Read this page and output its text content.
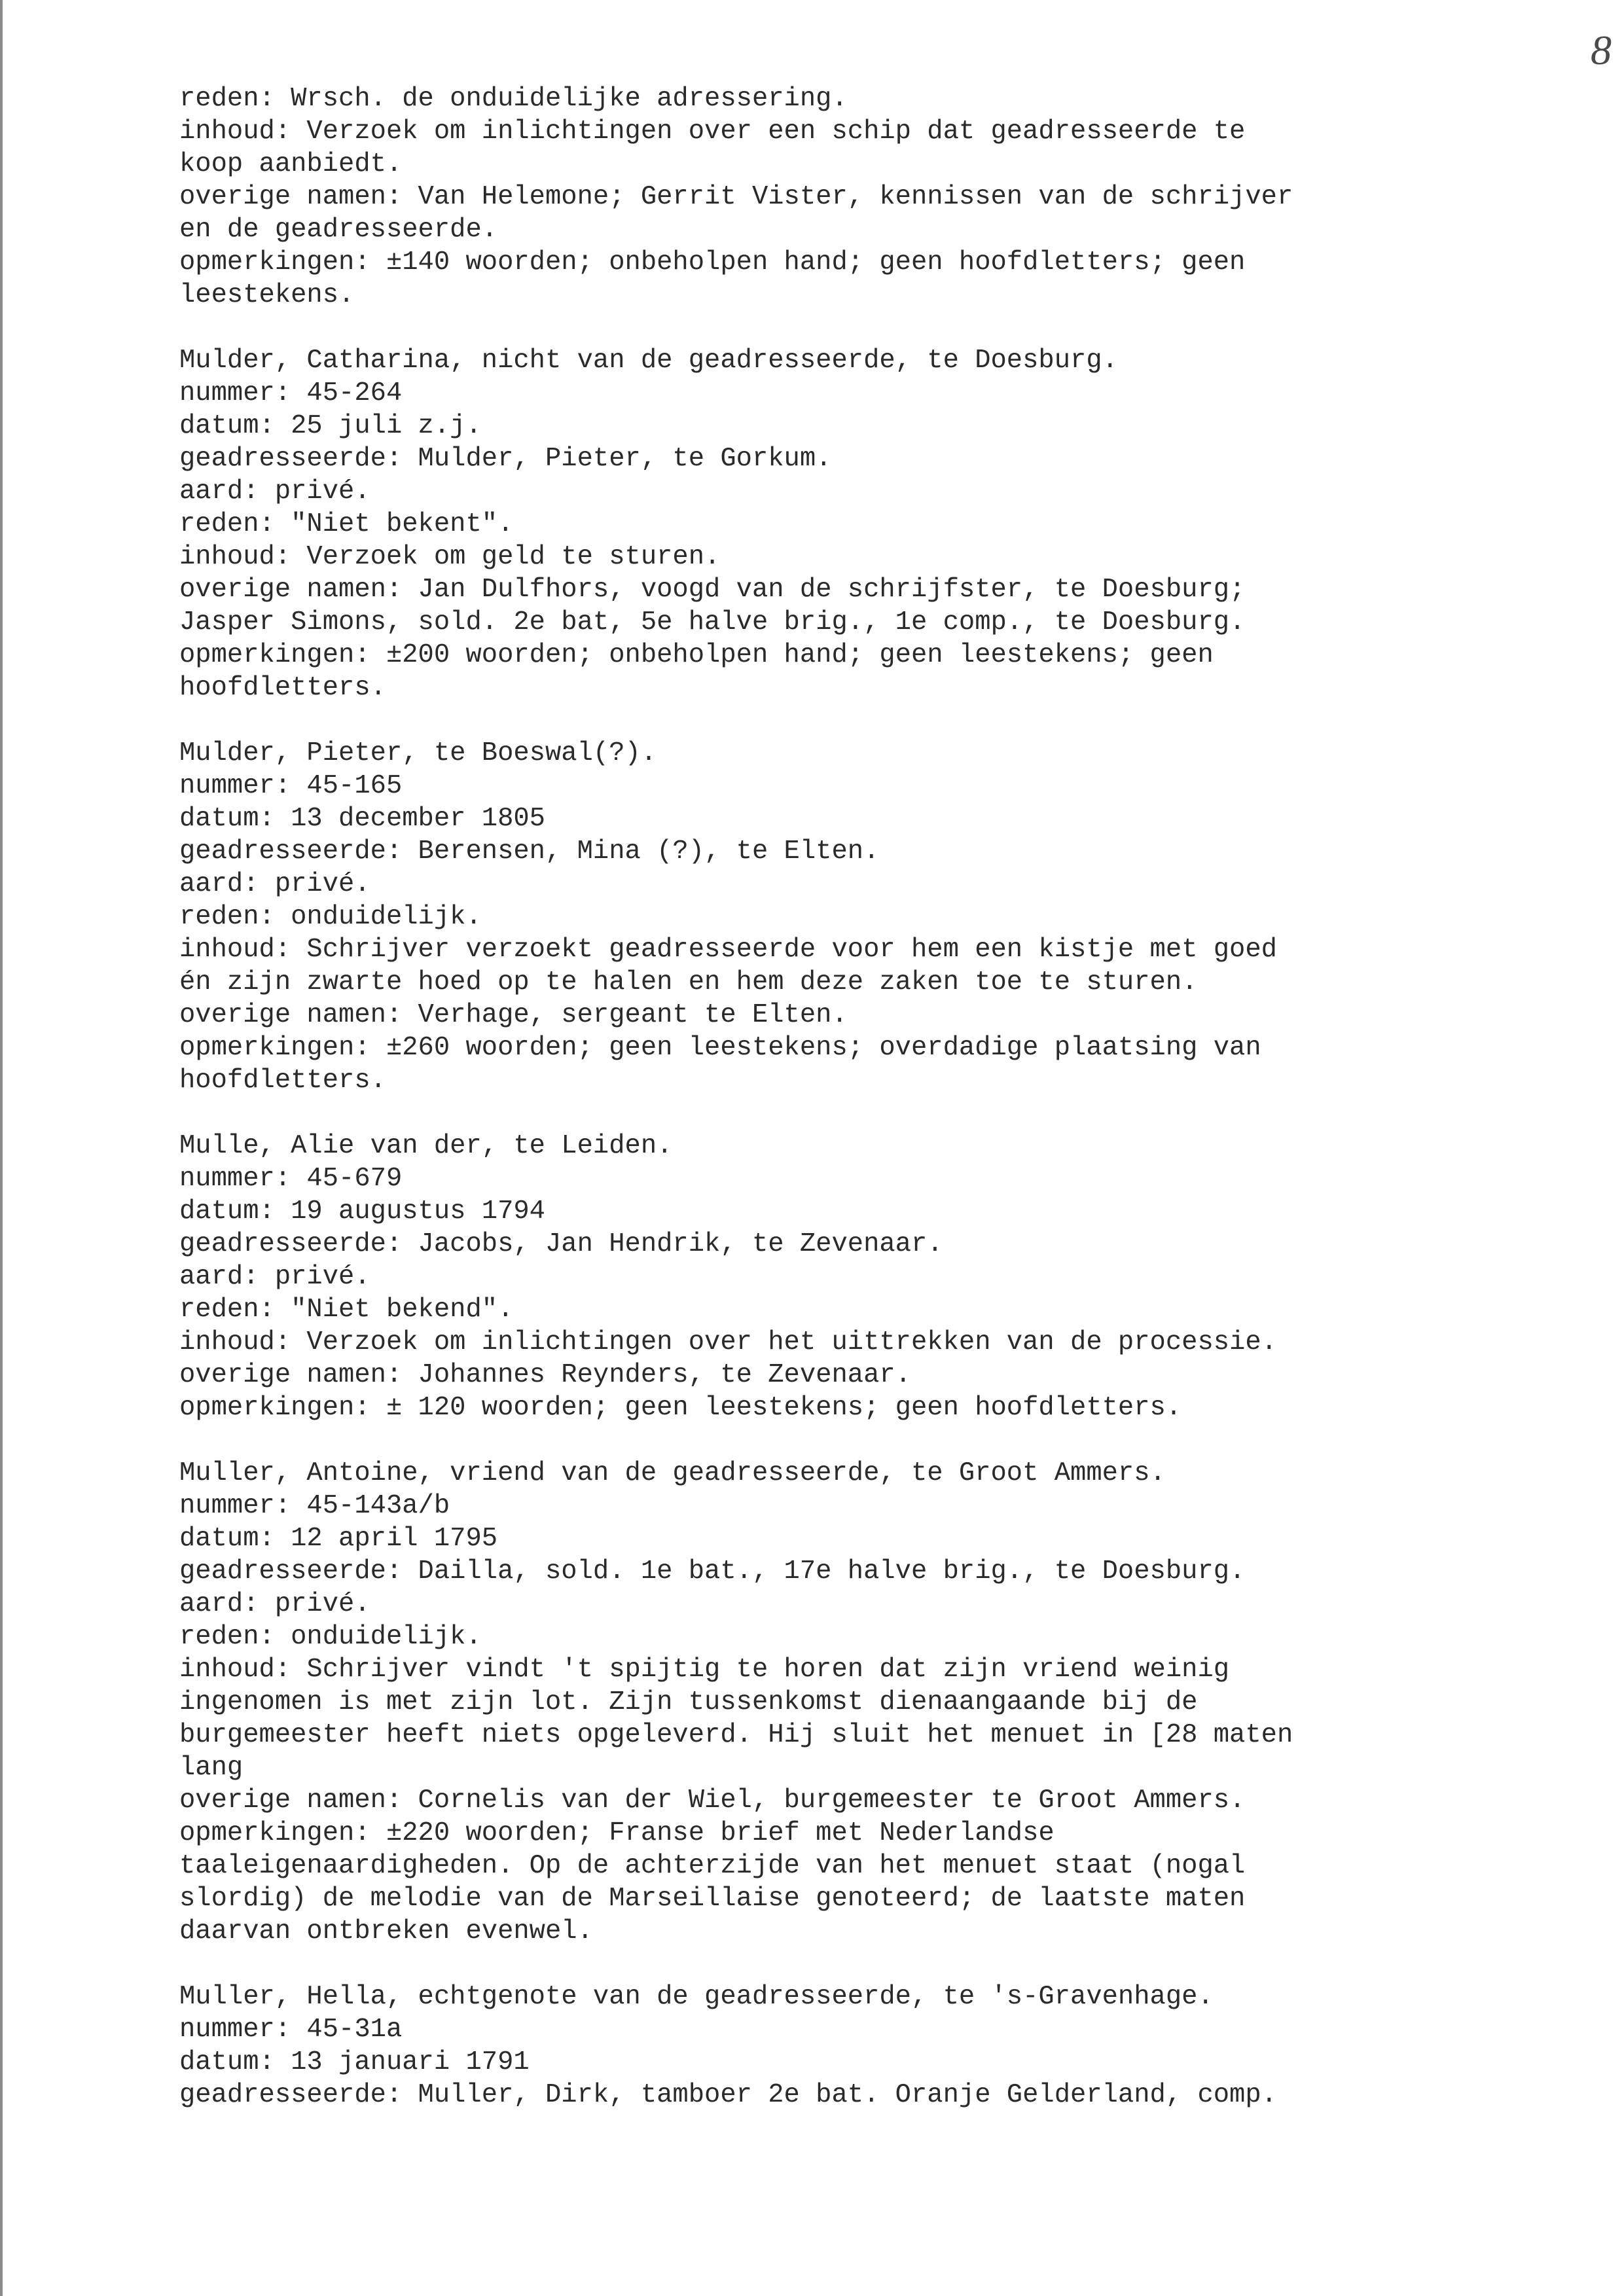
8
reden: Wrsch. de onduidelijke adressering.
inhoud: Verzoek om inlichtingen over een schip dat geadresseerde te
koop aanbiedt.
overige namen: Van Helemone; Gerrit Vister, kennissen van de schrijver
en de geadresseerde.
opmerkingen: ±140 woorden; onbeholpen hand; geen hoofdletters; geen
leestekens.
Mulder, Catharina, nicht van de geadresseerde, te Doesburg.
nummer: 45-264
datum: 25 juli z.j.
geadresseerde: Mulder, Pieter, te Gorkum.
aard: privé.
reden: "Niet bekent".
inhoud: Verzoek om geld te sturen.
overige namen: Jan Dulfhors, voogd van de schrijfster, te Doesburg;
Jasper Simons, sold. 2e bat, 5e halve brig., 1e comp., te Doesburg.
opmerkingen: ±200 woorden; onbeholpen hand; geen leestekens; geen
hoofdletters.
Mulder, Pieter, te Boeswal(?).
nummer: 45-165
datum: 13 december 1805
geadresseerde: Berensen, Mina (?), te Elten.
aard: privé.
reden: onduidelijk.
inhoud: Schrijver verzoekt geadresseerde voor hem een kistje met goed
én zijn zwarte hoed op te halen en hem deze zaken toe te sturen.
overige namen: Verhage, sergeant te Elten.
opmerkingen: ±260 woorden; geen leestekens; overdadige plaatsing van
hoofdletters.
Mulle, Alie van der, te Leiden.
nummer: 45-679
datum: 19 augustus 1794
geadresseerde: Jacobs, Jan Hendrik, te Zevenaar.
aard: privé.
reden: "Niet bekend".
inhoud: Verzoek om inlichtingen over het uittrekken van de processie.
overige namen: Johannes Reynders, te Zevenaar.
opmerkingen: ± 120 woorden; geen leestekens; geen hoofdletters.
Muller, Antoine, vriend van de geadresseerde, te Groot Ammers.
nummer: 45-143a/b
datum: 12 april 1795
geadresseerde: Dailla, sold. 1e bat., 17e halve brig., te Doesburg.
aard: privé.
reden: onduidelijk.
inhoud: Schrijver vindt 't spijtig te horen dat zijn vriend weinig
ingenomen is met zijn lot. Zijn tussenkomst dienaangaande bij de
burgemeester heeft niets opgeleverd. Hij sluit het menuet in [28 maten
lang
overige namen: Cornelis van der Wiel, burgemeester te Groot Ammers.
opmerkingen: ±220 woorden; Franse brief met Nederlandse
taaleigenaardigheden. Op de achterzijde van het menuet staat (nogal
slordig) de melodie van de Marseillaise genoteerd; de laatste maten
daarvan ontbreken evenwel.
Muller, Hella, echtgenote van de geadresseerde, te 's-Gravenhage.
nummer: 45-31a
datum: 13 januari 1791
geadresseerde: Muller, Dirk, tamboer 2e bat. Oranje Gelderland, comp.
